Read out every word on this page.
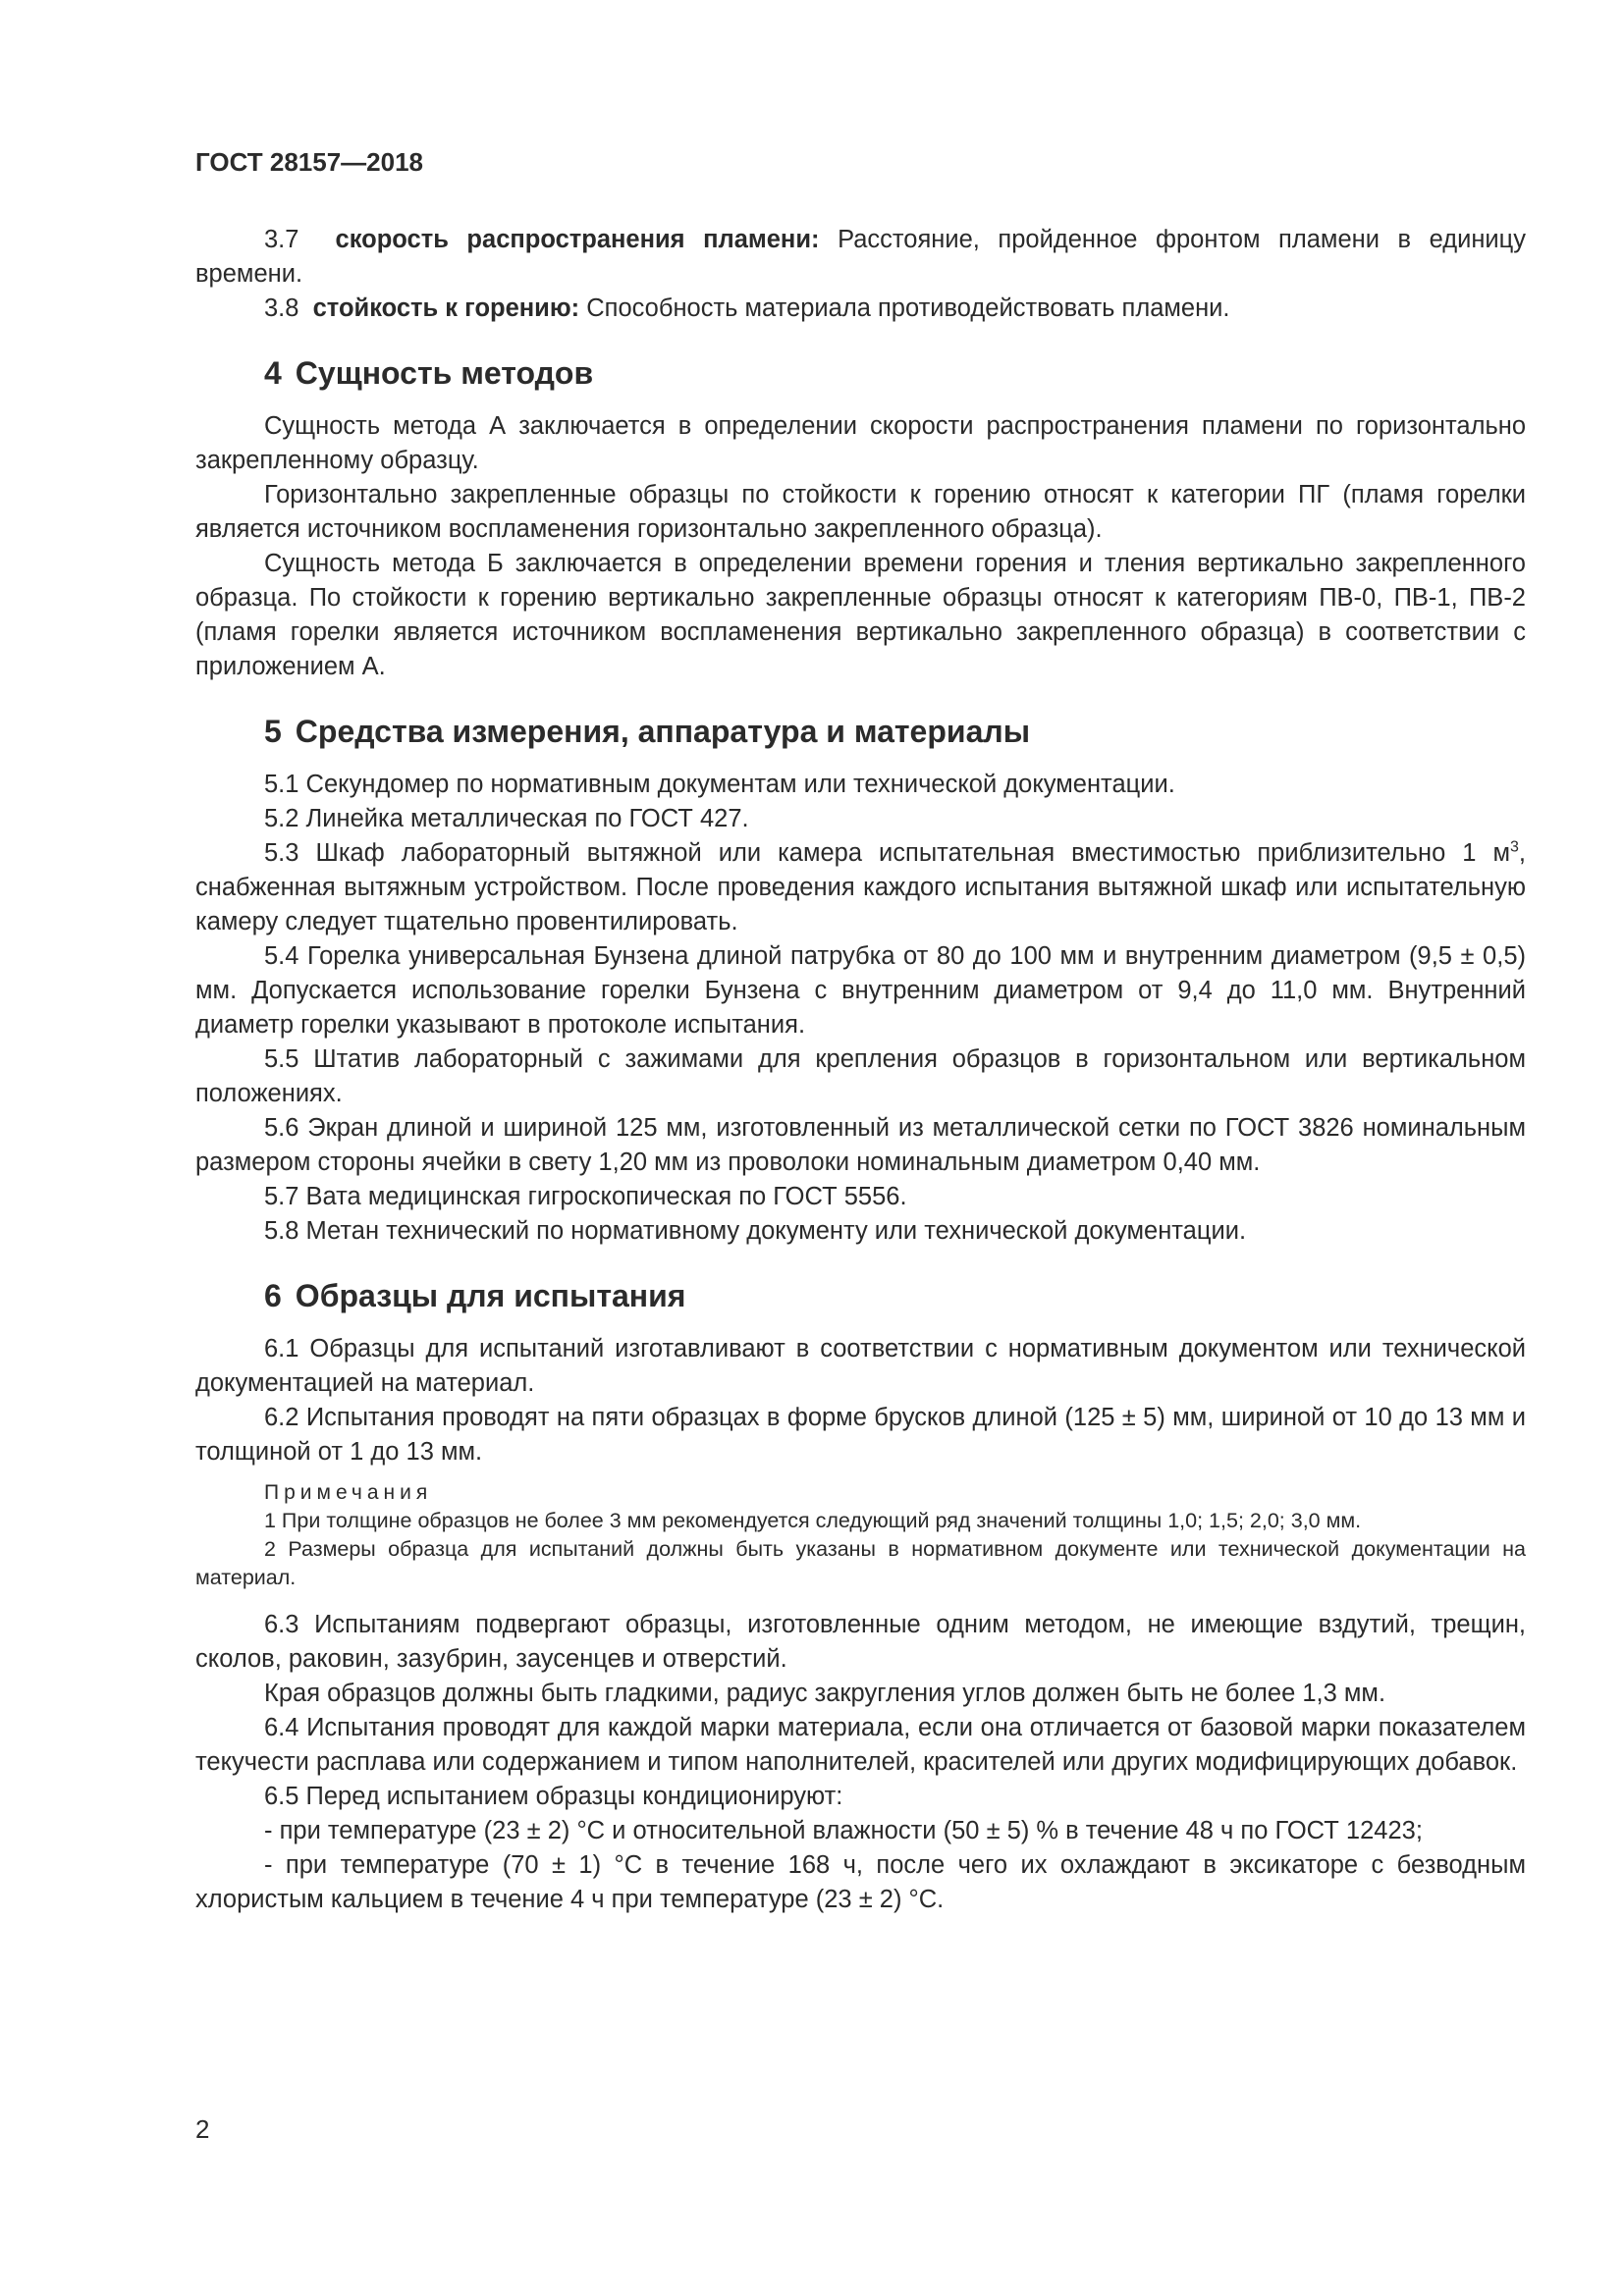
ГОСТ 28157—2018

3.7 скорость распространения пламени: Расстояние, пройденное фронтом пламени в единицу времени.

3.8 стойкость к горению: Способность материала противодействовать пламени.

4 Сущность методов

Сущность метода А заключается в определении скорости распространения пламени по горизонтально закрепленному образцу.

Горизонтально закрепленные образцы по стойкости к горению относят к категории ПГ (пламя горелки является источником воспламенения горизонтально закрепленного образца).

Сущность метода Б заключается в определении времени горения и тления вертикально закрепленного образца. По стойкости к горению вертикально закрепленные образцы относят к категориям ПВ-0, ПВ-1, ПВ-2 (пламя горелки является источником воспламенения вертикально закрепленного образца) в соответствии с приложением А.

5 Средства измерения, аппаратура и материалы

5.1 Секундомер по нормативным документам или технической документации.

5.2 Линейка металлическая по ГОСТ 427.

5.3 Шкаф лабораторный вытяжной или камера испытательная вместимостью приблизительно 1 $м^3$, снабженная вытяжным устройством. После проведения каждого испытания вытяжной шкаф или испытательную камеру следует тщательно провентилировать.

5.4 Горелка универсальная Бунзена длиной патрубка от 80 до 100 мм и внутренним диаметром (9,5 ± 0,5) мм. Допускается использование горелки Бунзена с внутренним диаметром от 9,4 до 11,0 мм. Внутренний диаметр горелки указывают в протоколе испытания.

5.5 Штатив лабораторный с зажимами для крепления образцов в горизонтальном или вертикальном положениях.

5.6 Экран длиной и шириной 125 мм, изготовленный из металлической сетки по ГОСТ 3826 номинальным размером стороны ячейки в свету 1,20 мм из проволоки номинальным диаметром 0,40 мм.

5.7 Вата медицинская гигроскопическая по ГОСТ 5556.

5.8 Метан технический по нормативному документу или технической документации.

6 Образцы для испытания

6.1 Образцы для испытаний изготавливают в соответствии с нормативным документом или технической документацией на материал.

6.2 Испытания проводят на пяти образцах в форме брусков длиной (125 ± 5) мм, шириной от 10 до 13 мм и толщиной от 1 до 13 мм.

Примечания

1 При толщине образцов не более 3 мм рекомендуется следующий ряд значений толщины 1,0; 1,5; 2,0; 3,0 мм.

2 Размеры образца для испытаний должны быть указаны в нормативном документе или технической документации на материал.

6.3 Испытаниям подвергают образцы, изготовленные одним методом, не имеющие вздутий, трещин, сколов, раковин, зазубрин, заусенцев и отверстий.

Края образцов должны быть гладкими, радиус закругления углов должен быть не более 1,3 мм.

6.4 Испытания проводят для каждой марки материала, если она отличается от базовой марки показателем текучести расплава или содержанием и типом наполнителей, красителей или других модифицирующих добавок.

6.5 Перед испытанием образцы кондиционируют:

- при температуре (23 ± 2) °С и относительной влажности (50 ± 5) % в течение 48 ч по ГОСТ 12423;

- при температуре (70 ± 1) °С в течение 168 ч, после чего их охлаждают в эксикаторе с безводным хлористым кальцием в течение 4 ч при температуре (23 ± 2) °С.

2
